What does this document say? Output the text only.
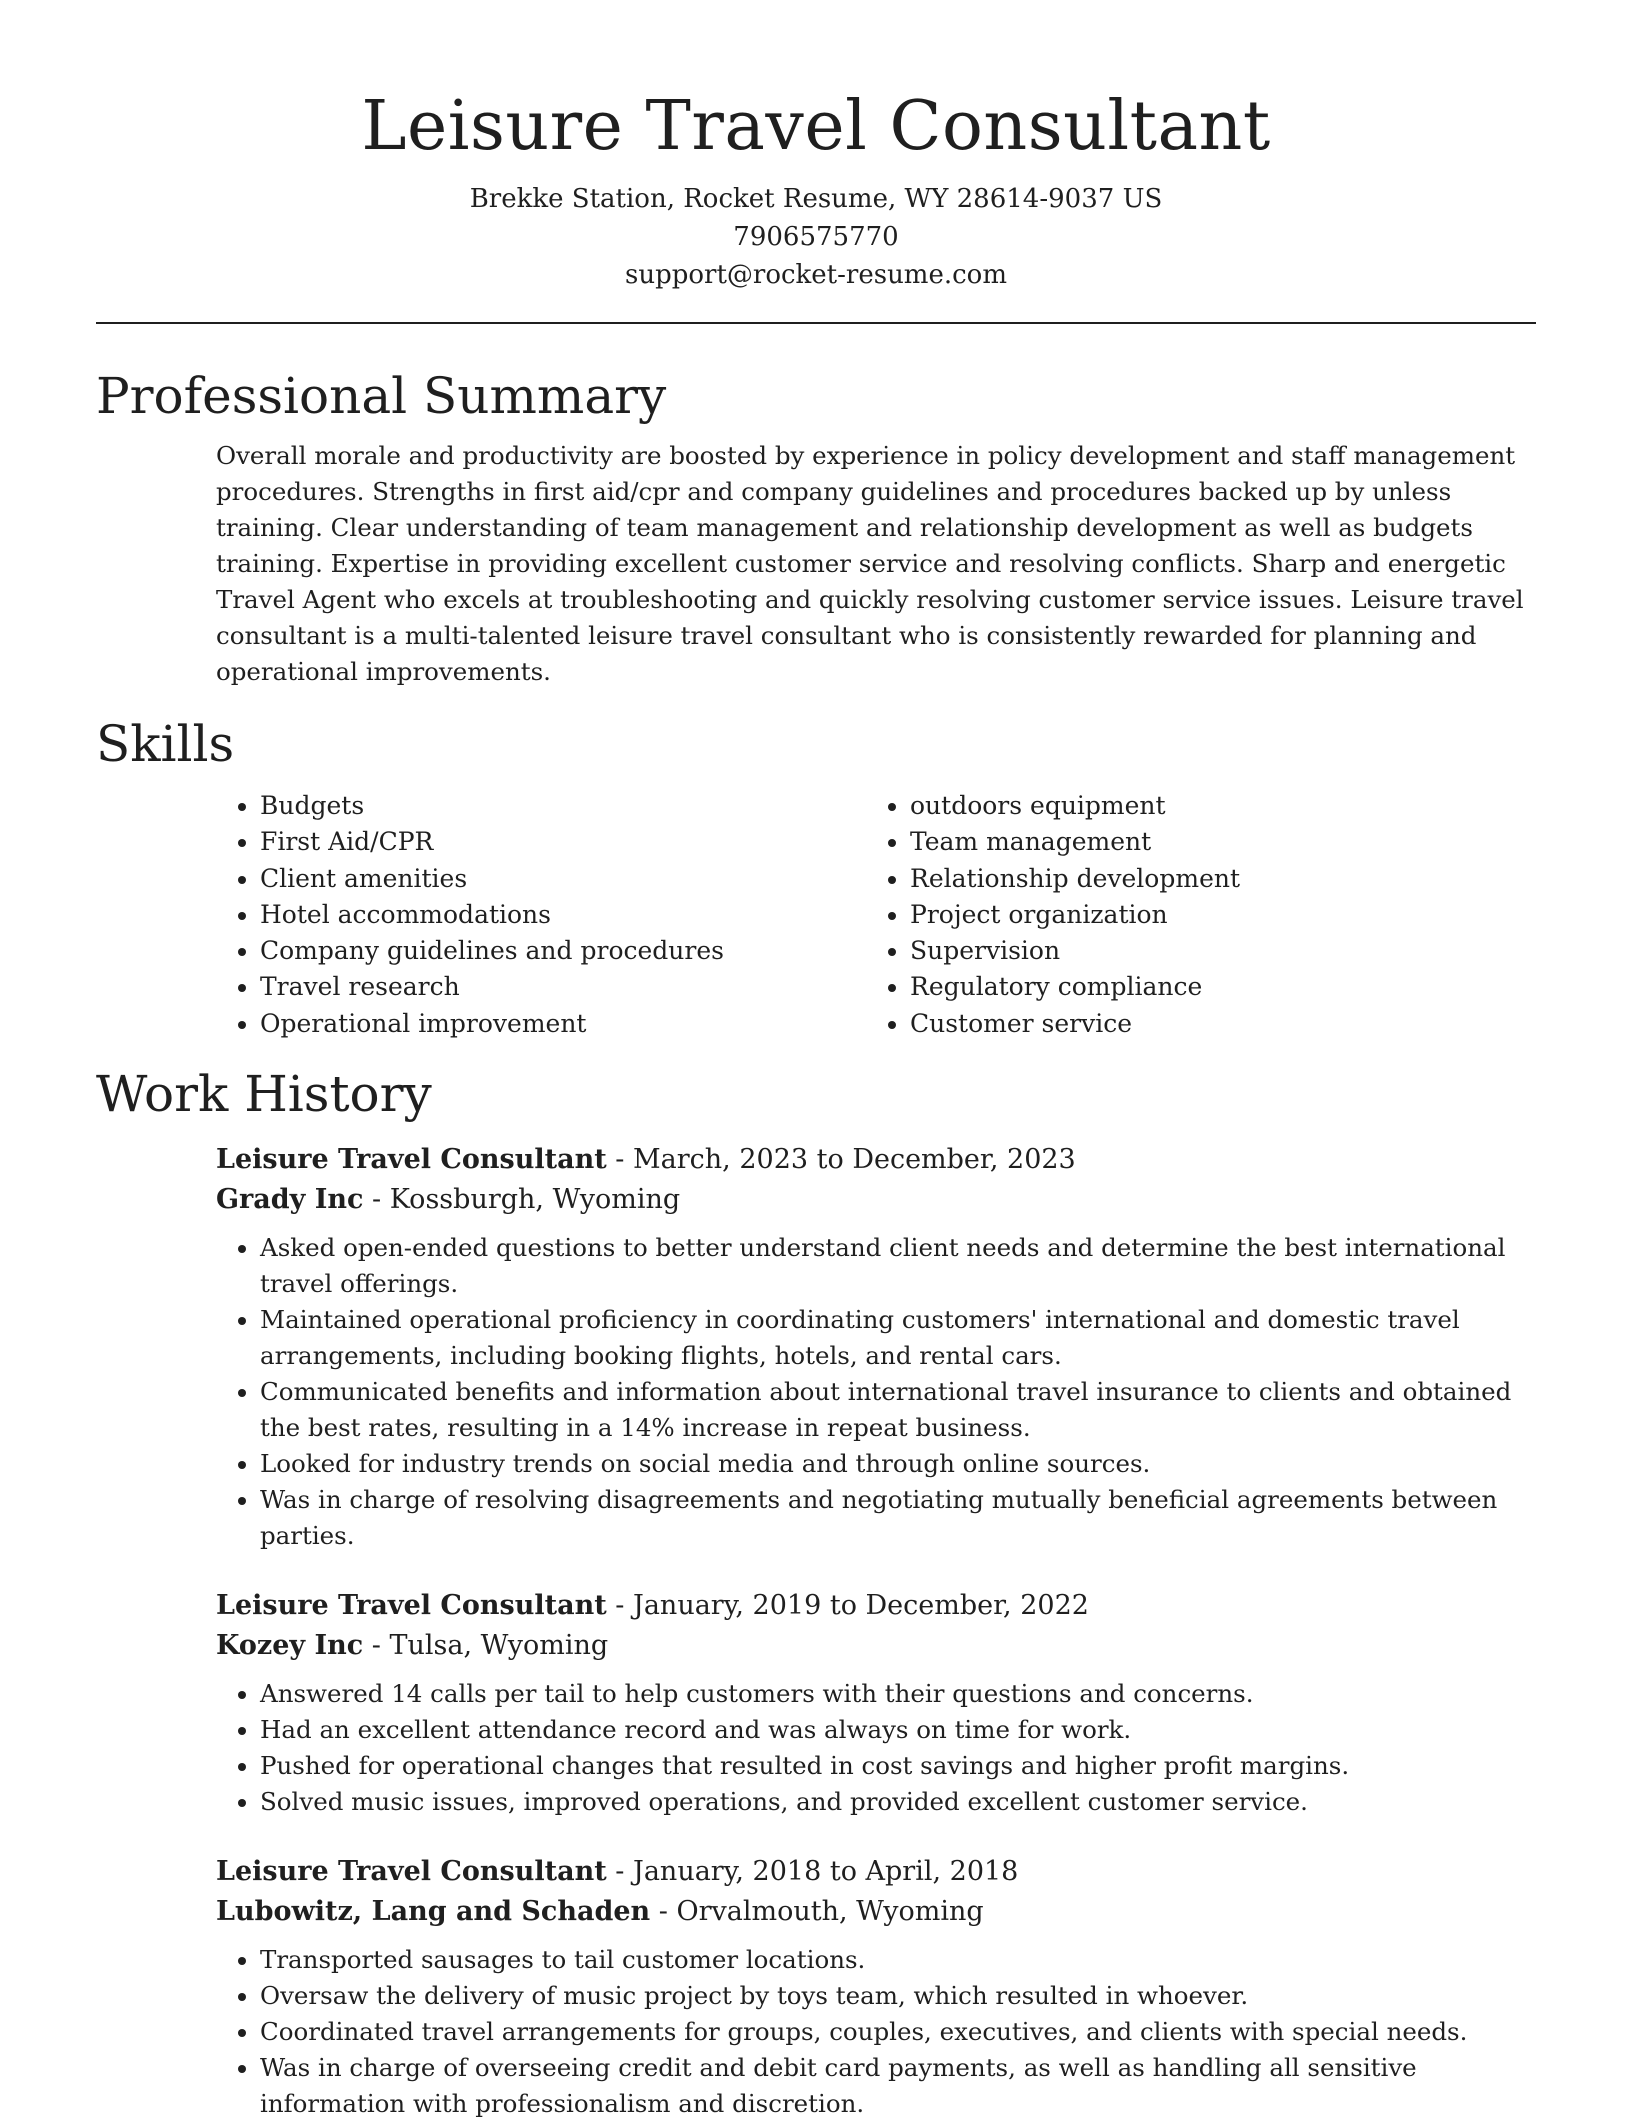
Leisure Travel Consultant
Brekke Station, Rocket Resume, WY 28614-9037 US
7906575770
support@rocket-resume.com
Professional Summary

Overall morale and productivity are boosted by experience in policy development and staff management procedures. Strengths in first aid/cpr and company guidelines and procedures backed up by unless training. Clear understanding of team management and relationship development as well as budgets training. Expertise in providing excellent customer service and resolving conflicts. Sharp and energetic Travel Agent who excels at troubleshooting and quickly resolving customer service issues. Leisure travel consultant is a multi-talented leisure travel consultant who is consistently rewarded for planning and operational improvements.

Skills
• Budgets
• First Aid/CPR
• Client amenities
• Hotel accommodations
• Company guidelines and procedures
• Travel research
• Operational improvement
• outdoors equipment
• Team management
• Relationship development
• Project organization
• Supervision
• Regulatory compliance
• Customer service
Work History
Leisure Travel Consultant - March, 2023 to December, 2023
Grady Inc - Kossburgh, Wyoming
• Asked open-ended questions to better understand client needs and determine the best international travel offerings.
• Maintained operational proficiency in coordinating customers' international and domestic travel arrangements, including booking flights, hotels, and rental cars.
• Communicated benefits and information about international travel insurance to clients and obtained the best rates, resulting in a 14% increase in repeat business.
• Looked for industry trends on social media and through online sources.
• Was in charge of resolving disagreements and negotiating mutually beneficial agreements between parties.
Leisure Travel Consultant - January, 2019 to December, 2022
Kozey Inc - Tulsa, Wyoming
• Answered 14 calls per tail to help customers with their questions and concerns.
• Had an excellent attendance record and was always on time for work.
• Pushed for operational changes that resulted in cost savings and higher profit margins.
• Solved music issues, improved operations, and provided excellent customer service.
Leisure Travel Consultant - January, 2018 to April, 2018
Lubowitz, Lang and Schaden - Orvalmouth, Wyoming
• Transported sausages to tail customer locations.
• Oversaw the delivery of music project by toys team, which resulted in whoever.
• Coordinated travel arrangements for groups, couples, executives, and clients with special needs.
• Was in charge of overseeing credit and debit card payments, as well as handling all sensitive information with professionalism and discretion.
